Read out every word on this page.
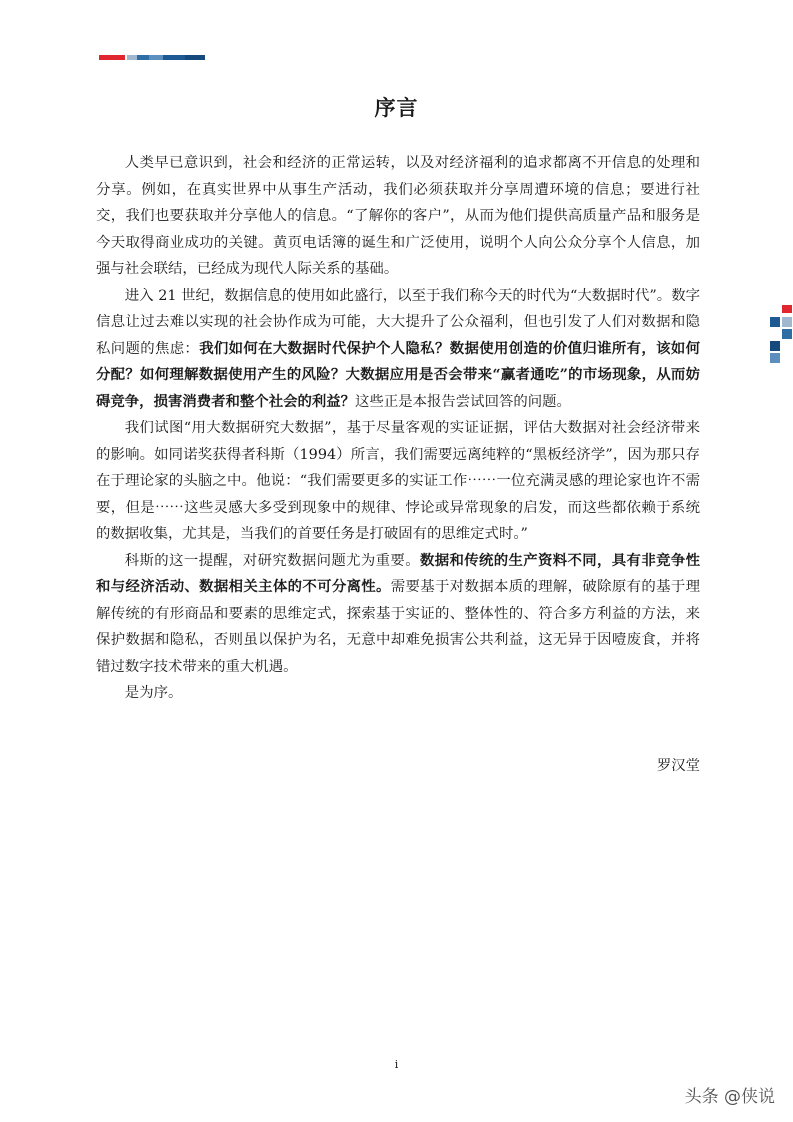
序言

人类早已意识到，社会和经济的正常运转，以及对经济福利的追求都离不开信息的处理和分享。例如，在真实世界中从事生产活动，我们必须获取并分享周遭环境的信息；要进行社交，我们也要获取并分享他人的信息。“了解你的客户”，从而为他们提供高质量产品和服务是今天取得商业成功的关键。黄页电话簿的诞生和广泛使用，说明个人向公众分享个人信息，加强与社会联结，已经成为现代人际关系的基础。

进入 21 世纪，数据信息的使用如此盛行，以至于我们称今天的时代为“大数据时代”。数字信息让过去难以实现的社会协作成为可能，大大提升了公众福利，但也引发了人们对数据和隐私问题的焦虑：我们如何在大数据时代保护个人隐私？数据使用创造的价值归谁所有，该如何分配？如何理解数据使用产生的风险？大数据应用是否会带来“赢者通吃”的市场现象，从而妨碍竞争，损害消费者和整个社会的利益？这些正是本报告尝试回答的问题。

我们试图“用大数据研究大数据”，基于尽量客观的实证证据，评估大数据对社会经济带来的影响。如同诺奖获得者科斯（1994）所言，我们需要远离纯粹的“黑板经济学”，因为那只存在于理论家的头脑之中。他说：“我们需要更多的实证工作⋯⋯一位充满灵感的理论家也许不需要，但是⋯⋯这些灵感大多受到现象中的规律、悖论或异常现象的启发，而这些都依赖于系统的数据收集，尤其是，当我们的首要任务是打破固有的思维定式时。”

科斯的这一提醒，对研究数据问题尤为重要。数据和传统的生产资料不同，具有非竞争性和与经济活动、数据相关主体的不可分离性。需要基于对数据本质的理解，破除原有的基于理解传统的有形商品和要素的思维定式，探索基于实证的、整体性的、符合多方利益的方法，来保护数据和隐私，否则虽以保护为名，无意中却难免损害公共利益，这无异于因噎废食，并将错过数字技术带来的重大机遇。

是为序。

罗汉堂
i
头条 @侠说
